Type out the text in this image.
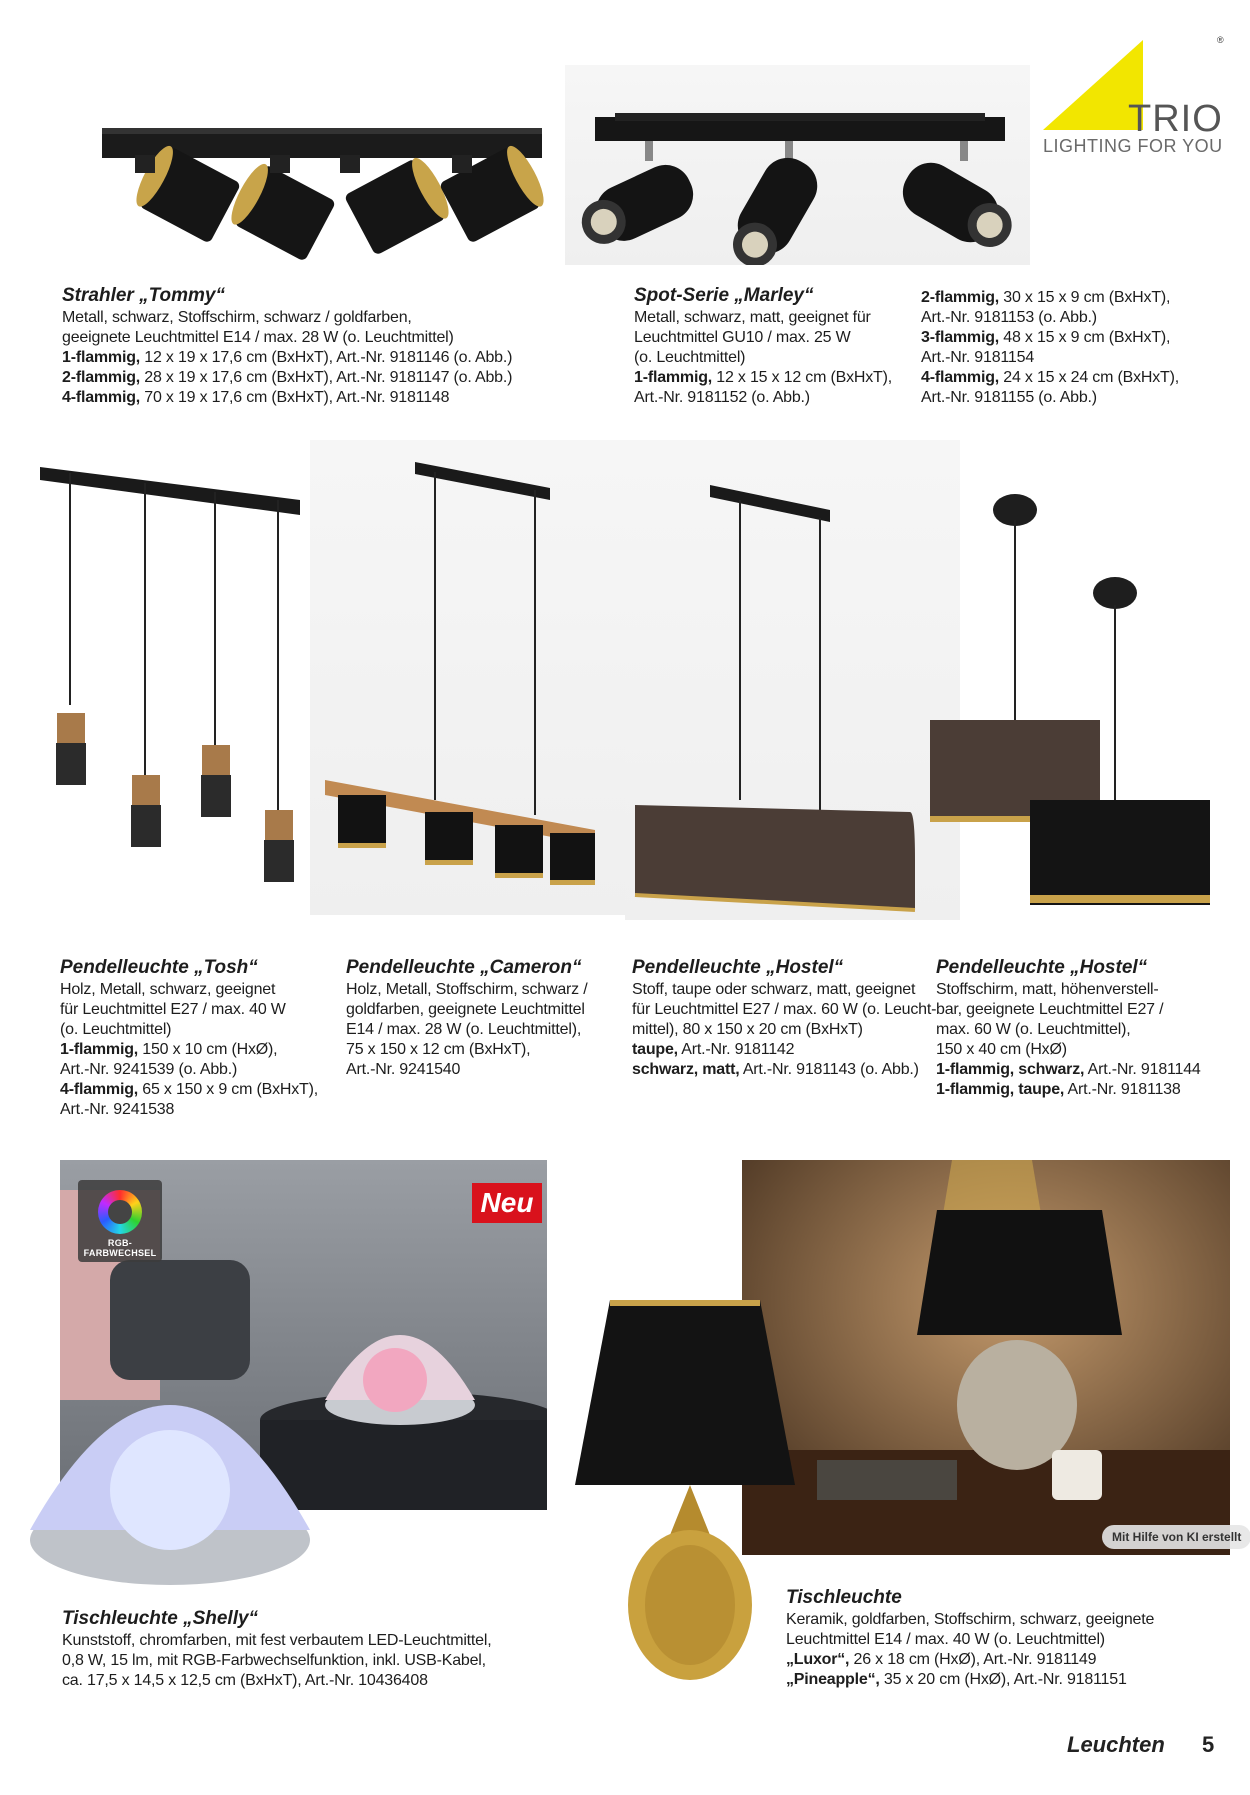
TRIO
LIGHTING FOR YOU
®
Strahler „Tommy“
Metall, schwarz, Stoffschirm, schwarz / goldfarben,
geeignete Leuchtmittel E14 / max. 28 W (o. Leuchtmittel)
1-flammig, 12 x 19 x 17,6 cm (BxHxT), Art.-Nr. 9181146 (o. Abb.)
2-flammig, 28 x 19 x 17,6 cm (BxHxT), Art.-Nr. 9181147 (o. Abb.)
4-flammig, 70 x 19 x 17,6 cm (BxHxT), Art.-Nr. 9181148
Spot-Serie „Marley“
Metall, schwarz, matt, geeignet für
Leuchtmittel GU10 / max. 25 W
(o. Leuchtmittel)
1-flammig, 12 x 15 x 12 cm (BxHxT),
Art.-Nr. 9181152 (o. Abb.)
2-flammig, 30 x 15 x 9 cm (BxHxT),
Art.-Nr. 9181153 (o. Abb.)
3-flammig, 48 x 15 x 9 cm (BxHxT),
Art.-Nr. 9181154
4-flammig, 24 x 15 x 24 cm (BxHxT),
Art.-Nr. 9181155 (o. Abb.)
Pendelleuchte „Tosh“
Holz, Metall, schwarz, geeignet
für Leuchtmittel E27 / max. 40 W
(o. Leuchtmittel)
1-flammig, 150 x 10 cm (HxØ),
Art.-Nr. 9241539 (o. Abb.)
4-flammig, 65 x 150 x 9 cm (BxHxT),
Art.-Nr. 9241538
Pendelleuchte „Cameron“
Holz, Metall, Stoffschirm, schwarz /
goldfarben, geeignete Leuchtmittel
E14 / max. 28 W (o. Leuchtmittel),
75 x 150 x 12 cm (BxHxT),
Art.-Nr. 9241540
Pendelleuchte „Hostel“
Stoff, taupe oder schwarz, matt, geeignet
für Leuchtmittel E27 / max. 60 W (o. Leucht-
mittel), 80 x 150 x 20 cm (BxHxT)
taupe, Art.-Nr. 9181142
schwarz, matt, Art.-Nr. 9181143 (o. Abb.)
Pendelleuchte „Hostel“
Stoffschirm, matt, höhenverstell-
bar, geeignete Leuchtmittel E27 /
max. 60 W (o. Leuchtmittel),
150 x 40 cm (HxØ)
1-flammig, schwarz, Art.-Nr. 9181144
1-flammig, taupe, Art.-Nr. 9181138
RGB-
FARBWECHSEL
Neu
Mit Hilfe von KI erstellt
Tischleuchte „Shelly“
Kunststoff, chromfarben, mit fest verbautem LED-Leuchtmittel,
0,8 W, 15 lm, mit RGB-Farbwechselfunktion, inkl. USB-Kabel,
ca. 17,5 x 14,5 x 12,5 cm (BxHxT), Art.-Nr. 10436408
Tischleuchte
Keramik, goldfarben, Stoffschirm, schwarz, geeignete
Leuchtmittel E14 / max. 40 W (o. Leuchtmittel)
„Luxor“, 26 x 18 cm (HxØ), Art.-Nr. 9181149
„Pineapple“, 35 x 20 cm (HxØ), Art.-Nr. 9181151
Leuchten 5
